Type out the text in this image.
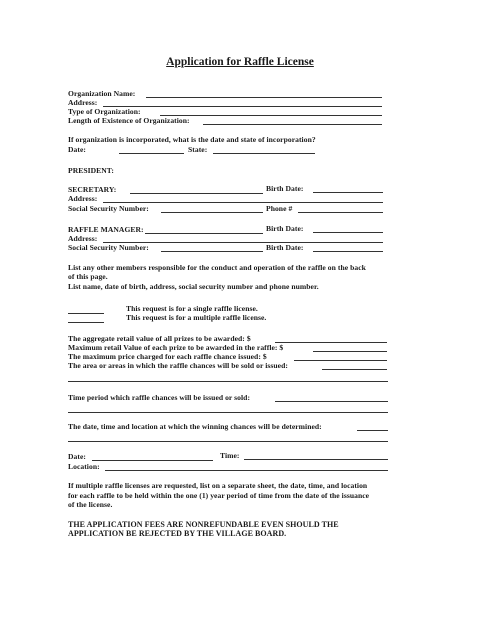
Application for Raffle License
Organization Name:
Address:
Type of Organization:
Length of Existence of Organization:
If organization is incorporated, what is the date and state of incorporation?
Date:	State:
PRESIDENT:
SECRETARY:	Birth Date:
Address:
Social Security Number:	Phone #
RAFFLE MANAGER:	Birth Date:
Address:
Social Security Number:	Birth Date:
List any other members responsible for the conduct and operation of the raffle on the back
of this page.
List name, date of birth, address, social security number and phone number.
This request is for a single raffle license.
This request is for a multiple raffle license.
The aggregate retail value of all prizes to be awarded: $
Maximum retail Value of each prize to be awarded in the raffle: $
The maximum price charged for each raffle chance issued: $
The area or areas in which the raffle chances will be sold or issued:
Time period which raffle chances will be issued or sold:
The date, time and location at which the winning chances will be determined:
Date:	Time:
Location:
If multiple raffle licenses are requested, list on a separate sheet, the date, time, and location
for each raffle to be held within the one (1) year period of time from the date of the issuance
of the license.
THE APPLICATION FEES ARE NONREFUNDABLE EVEN SHOULD THE
APPLICATION BE REJECTED BY THE VILLAGE BOARD.
